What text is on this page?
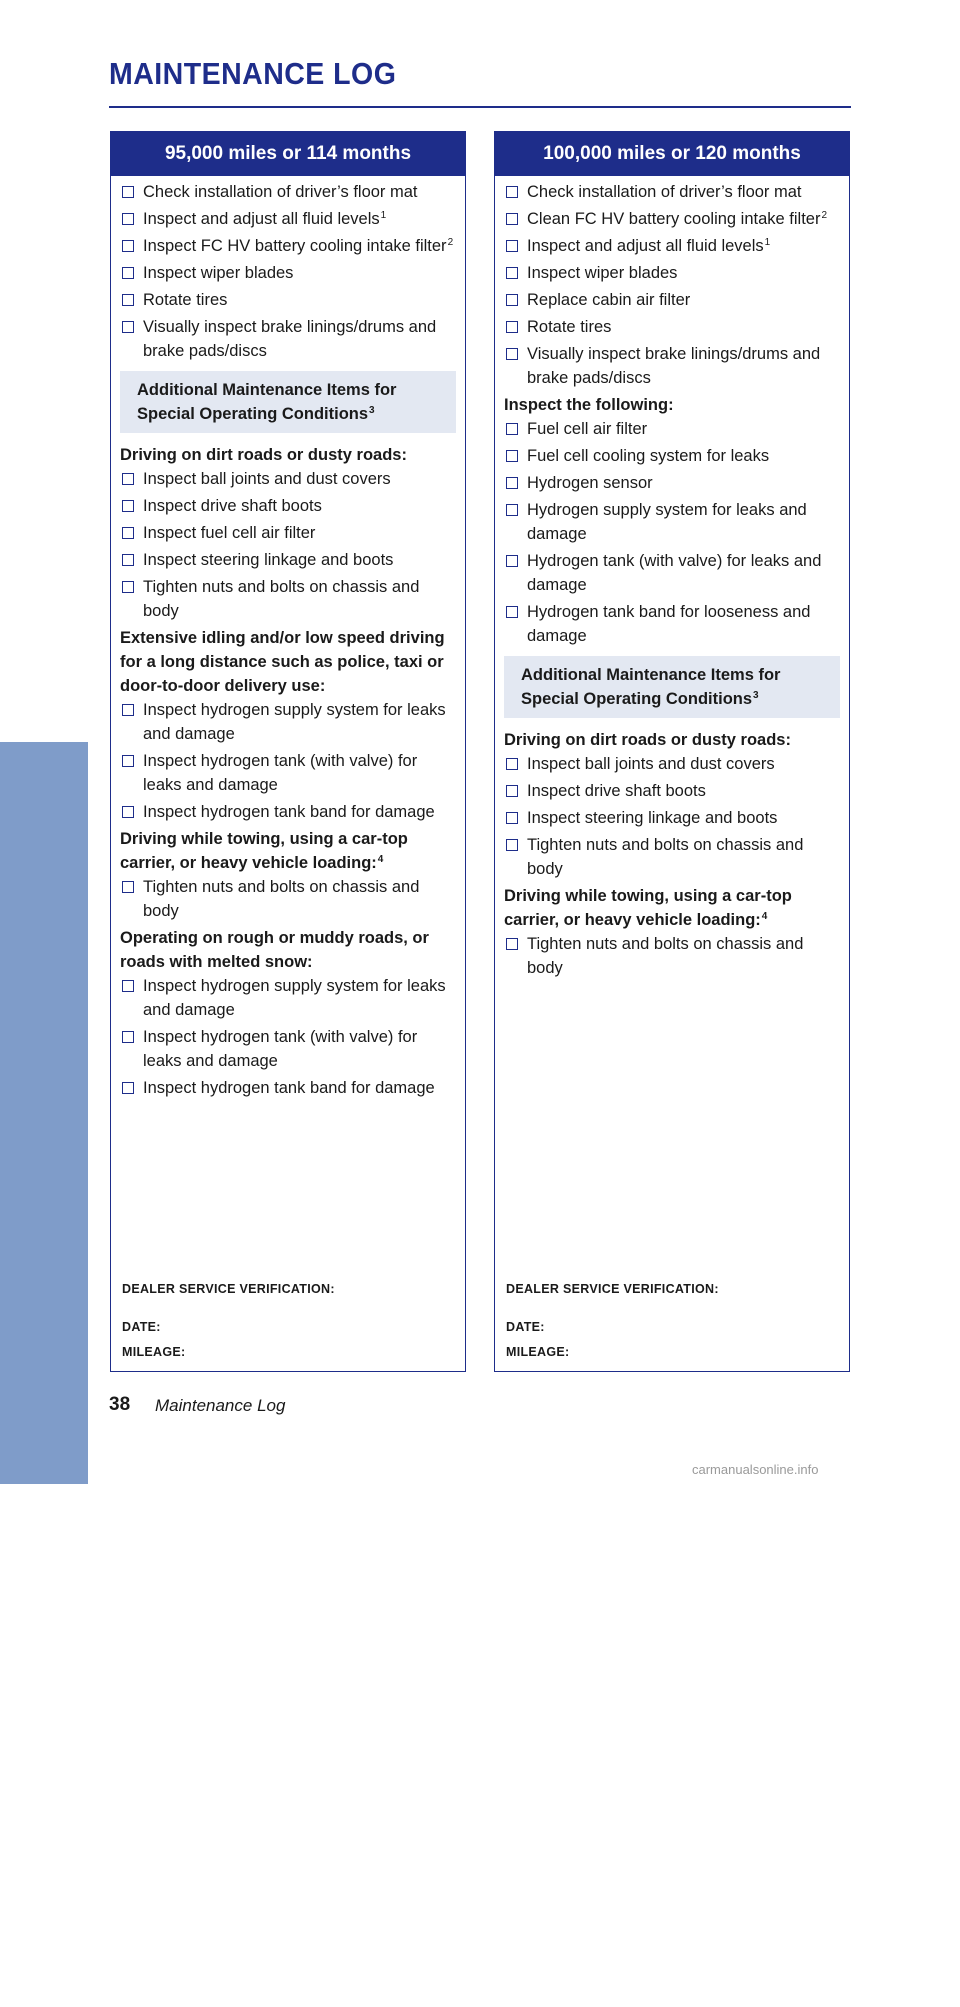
MAINTENANCE LOG
MAINTENANCE
95,000 miles or 114 months
Check installation of driver’s floor mat
Inspect and adjust all fluid levels$^1$
Inspect FC HV battery cooling intake filter$^2$
Inspect wiper blades
Rotate tires
Visually inspect brake linings/drums and brake pads/discs
Additional Maintenance Items for Special Operating Conditions$^3$
Driving on dirt roads or dusty roads:
Inspect ball joints and dust covers
Inspect drive shaft boots
Inspect fuel cell air filter
Inspect steering linkage and boots
Tighten nuts and bolts on chassis and body
Extensive idling and/or low speed driving for a long distance such as police, taxi or door-to-door delivery use:
Inspect hydrogen supply system for leaks and damage
Inspect hydrogen tank (with valve) for leaks and damage
Inspect hydrogen tank band for damage
Driving while towing, using a car-top carrier, or heavy vehicle loading:$^4$
Tighten nuts and bolts on chassis and body
Operating on rough or muddy roads, or roads with melted snow:
Inspect hydrogen supply system for leaks and damage
Inspect hydrogen tank (with valve) for leaks and damage
Inspect hydrogen tank band for damage
DEALER SERVICE VERIFICATION:
DATE:
MILEAGE:
100,000 miles or 120 months
Check installation of driver’s floor mat
Clean FC HV battery cooling intake filter$^2$
Inspect and adjust all fluid levels$^1$
Inspect wiper blades
Replace cabin air filter
Rotate tires
Visually inspect brake linings/drums and brake pads/discs
Inspect the following:
Fuel cell air filter
Fuel cell cooling system for leaks
Hydrogen sensor
Hydrogen supply system for leaks and damage
Hydrogen tank (with valve) for leaks and damage
Hydrogen tank band for looseness and damage
Additional Maintenance Items for Special Operating Conditions$^3$
Driving on dirt roads or dusty roads:
Inspect ball joints and dust covers
Inspect drive shaft boots
Inspect steering linkage and boots
Tighten nuts and bolts on chassis and body
Driving while towing, using a car-top carrier, or heavy vehicle loading:$^4$
Tighten nuts and bolts on chassis and body
DEALER SERVICE VERIFICATION:
DATE:
MILEAGE:
38 Maintenance Log
carmanualsonline.info
